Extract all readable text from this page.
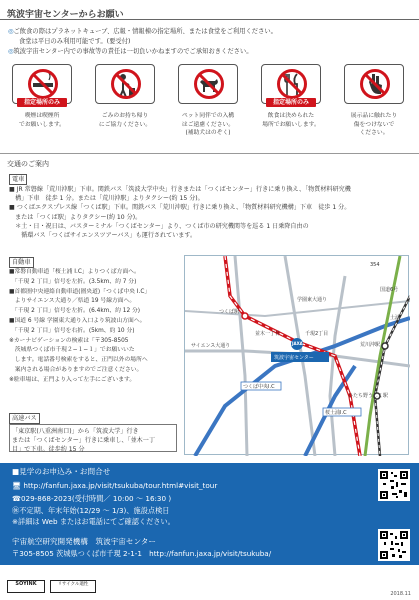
筑波宇宙センターからお願い
◎ご飲食の際はプラネットキューブ、広報・情報棟の指定場所、または食堂をご利用ください。
食堂は平日のみ利用可能です。(要受付)
◎筑波宇宙センター内での事故等の責任は一切負いかねますのでご承知おきください。
指定場所のみ
喫煙は喫煙所
でお願いします。
ごみのお持ち帰り
にご協力ください。
ペット同伴での入構
はご遠慮ください。
(補助犬はのぞく)
指定場所のみ
飲食は決められた
場所でお願いします。
展示品に触れたり
傷をつけないで
ください。
交通のご案内
電車
■ JR 常磐線「荒川沖駅」下車。関鉄バス「筑波大学中央」行きまたは「つくばセンター」行きに乗り換え、「物質材料研究機
　構」下車　徒歩 1 分。または「荒川沖駅」よりタクシー(約 15 分)。
■ つくばエクスプレス線「つくば駅」下車。関鉄バス「荒川沖駅」行きに乗り換え、「物質材料研究機構」下車　徒歩 1 分。
　または「つくば駅」よりタクシー(約 10 分)。
　＊土・日・祝日は、バスターミナル「つくばセンター」より、つくば市の研究機関等を巡る 1 日乗降自由の
　　循環バス「つくばサイエンスツアーバス」も運行されています。
自動車
■常磐自動車道「桜土浦 I.C」よりつくば方面へ。
　「千現 2 丁目」信号を左折。(3.5km、約 7 分)
■首都圏中央連絡自動車道(圏央道)「つくば中央 I.C」
　よりサイエンス大通り／県道 19 号線方面へ。
　「千現 2 丁目」信号を左折。(6.4km、約 12 分)
■国道 6 号線 学園東大通り入口より筑波山方面へ。
　「千現 2 丁目」信号を右折。(5km、約 10 分)
※カーナビゲーションの検索は「〒305-8505
　茨城県つくば市千現２−１−１」でお願いいた
　します。電話番号検索をすると、正門以外の場所へ
　案内される場合がありますのでご注意ください。
※駐車場は、正門より入って左手にございます。
高速バス
「東京駅(八重洲南口)」から「筑波大学」行き
または「つくばセンター」行きに乗車し、「並木一丁
目」で下車。徒歩約 15 分
つくば駅
JAXA
筑波宇宙センター
荒川沖駅
ひたち野うしく駅
つくば中央I.C
桜土浦I.C
国道6号
354
土浦
サイエンス大通り
学園東大通り
千現2丁目
並木一丁目
■見学のお申込み・お問合せ
🖥 http://fanfun.jaxa.jp/visit/tsukuba/tour.html#visit_tour
☎029-868-2023(受付時間／ 10:00 ～ 16:30 )
㊡不定期、年末年始(12/29 ～ 1/3)、施設点検日
※詳細は Web またはお電話にてご確認ください。
宇宙航空研究開発機構　筑波宇宙センター
〒305-8505 茨城県つくば市千現 2-1-1　http://fanfun.jaxa.jp/visit/tsukuba/
SOYINK	リサイクル適性
2018.11
